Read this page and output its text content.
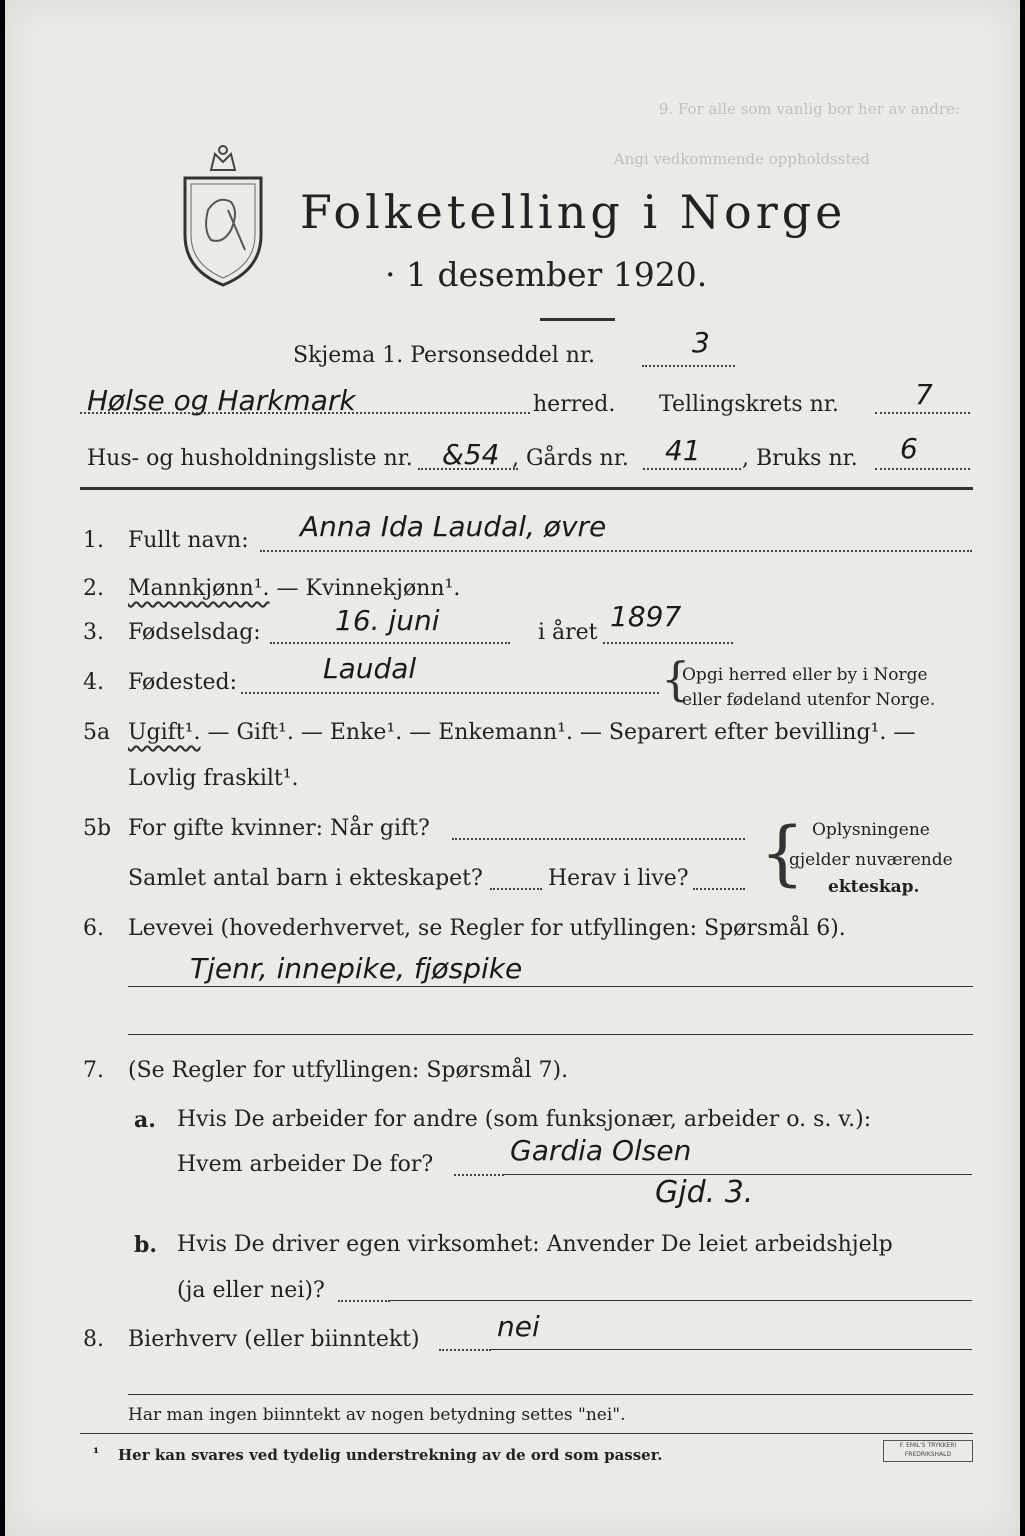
9. For alle som vanlig bor her av andre:
Angi vedkommende oppholdssted
Folketelling i Norge
· 1 desember 1920.
Skjema 1. Personseddel nr.	3
Hølse og Harkmark	herred. Tellingskrets nr.	7
Hus- og husholdningsliste nr. &54 , Gårds nr. 41 , Bruks nr. 6
1. Fullt navn: Anna Ida Laudal, øvre
2. Mannkjønn¹. — Kvinnekjønn¹.
3. Fødselsdag:	16. juni	i året 1897
4. Fødested:	Laudal	{
Opgi herred eller by i Norge
eller fødeland utenfor Norge.
5a Ugift¹. — Gift¹. — Enke¹. — Enkemann¹. — Separert efter bevilling¹. —
Lovlig fraskilt¹.
5b For gifte kvinner: Når gift?
Samlet antal barn i ekteskapet?	Herav i live? { Oplysningene
gjelder nuværende
ekteskap.
6. Levevei (hovederhvervet, se Regler for utfyllingen: Spørsmål 6).
Tjenr, innepike, fjøspike
7. (Se Regler for utfyllingen: Spørsmål 7).
a. Hvis De arbeider for andre (som funksjonær, arbeider o. s. v.):
Hvem arbeider De for?	Gardia Olsen
Gjd. 3.
b. Hvis De driver egen virksomhet: Anvender De leiet arbeidshjelp
(ja eller nei)?
8. Bierhverv (eller biinntekt)	nei
Har man ingen biinntekt av nogen betydning settes "nei".
¹ Her kan svares ved tydelig understrekning av de ord som passer.
F. EMIL'S TRYKKERI FREDRIKSHALD
